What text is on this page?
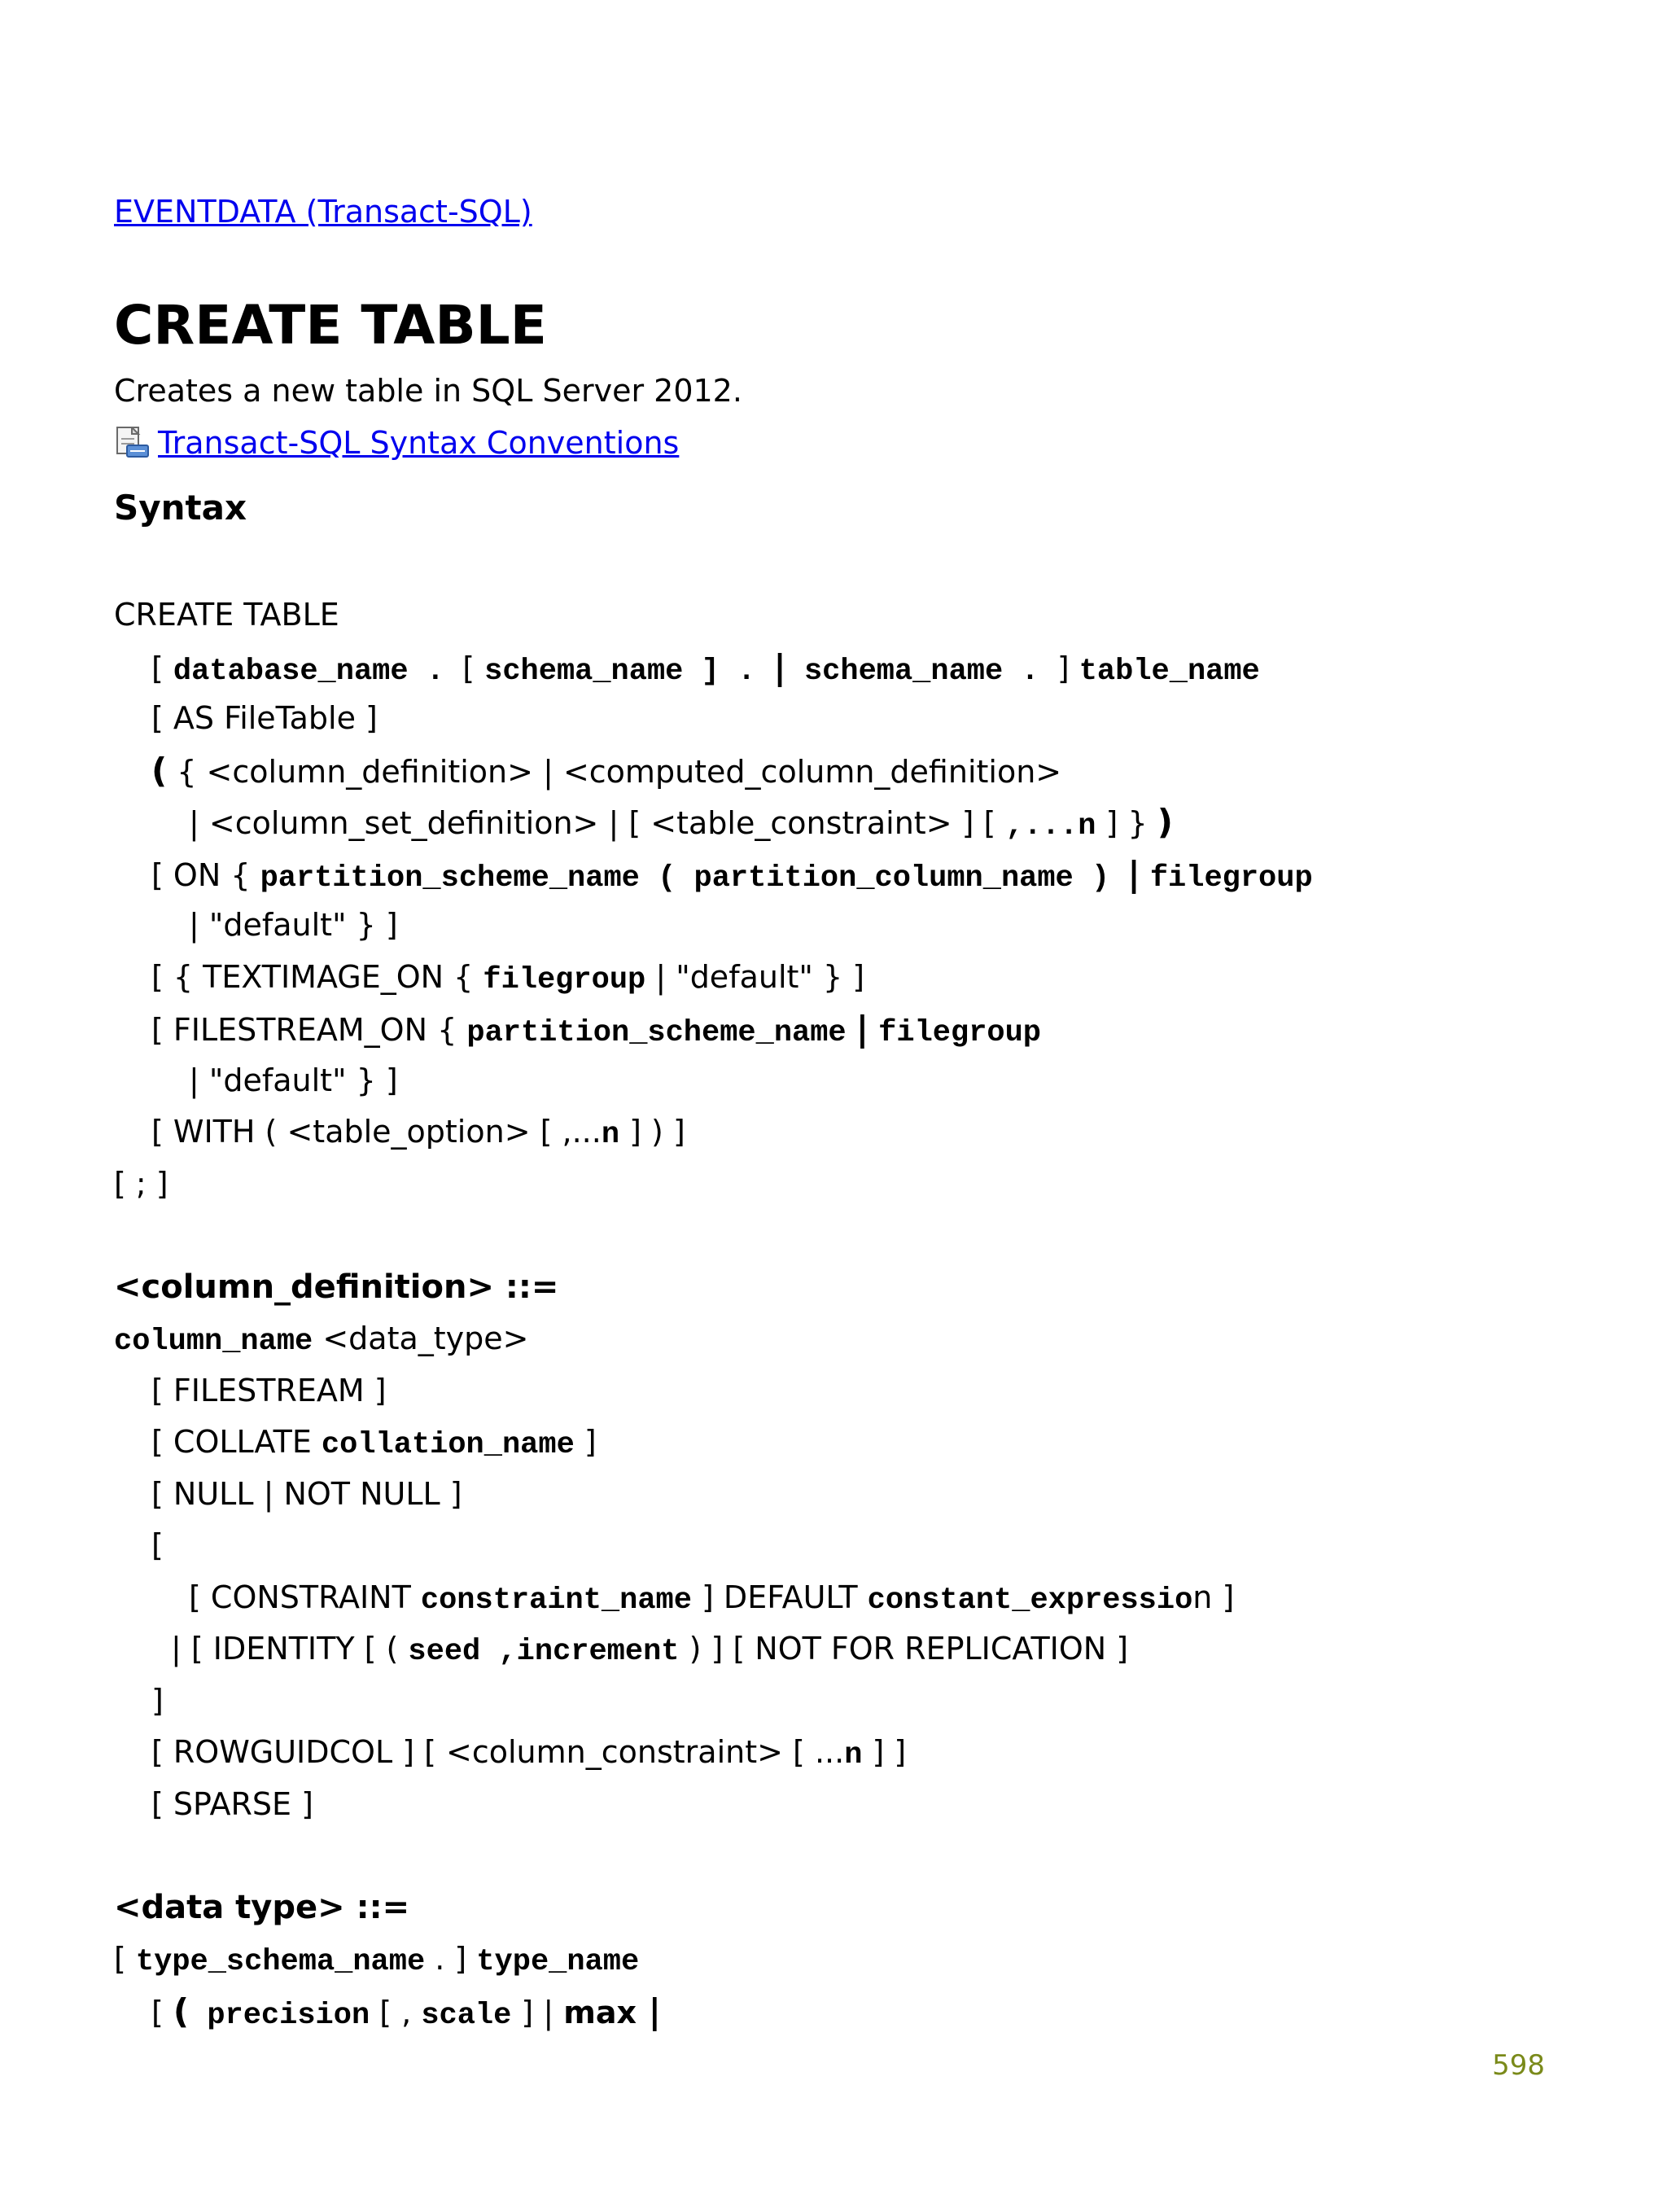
EVENTDATA (Transact-SQL)
CREATE TABLE
Creates a new table in SQL Server 2012.
Transact-SQL Syntax Conventions
Syntax
CREATE TABLE
[ database_name . [ schema_name ] . | schema_name . ] table_name
[ AS FileTable ]
( { <column_definition> | <computed_column_definition>
| <column_set_definition> | [ <table_constraint> ] [ ,...n ] } )
[ ON { partition_scheme_name ( partition_column_name ) | filegroup
| "default" } ]
[ { TEXTIMAGE_ON { filegroup | "default" } ]
[ FILESTREAM_ON { partition_scheme_name | filegroup
| "default" } ]
[ WITH ( <table_option> [ ,...n ] ) ]
[ ; ]
<column_definition> ::=
column_name <data_type>
[ FILESTREAM ]
[ COLLATE collation_name ]
[ NULL | NOT NULL ]
[
[ CONSTRAINT constraint_name ] DEFAULT constant_expression ]
| [ IDENTITY [ ( seed ,increment ) ] [ NOT FOR REPLICATION ]
]
[ ROWGUIDCOL ] [ <column_constraint> [ ...n ] ]
[ SPARSE ]
<data type> ::=
[ type_schema_name . ] type_name
[ ( precision [ , scale ] | max |
598
